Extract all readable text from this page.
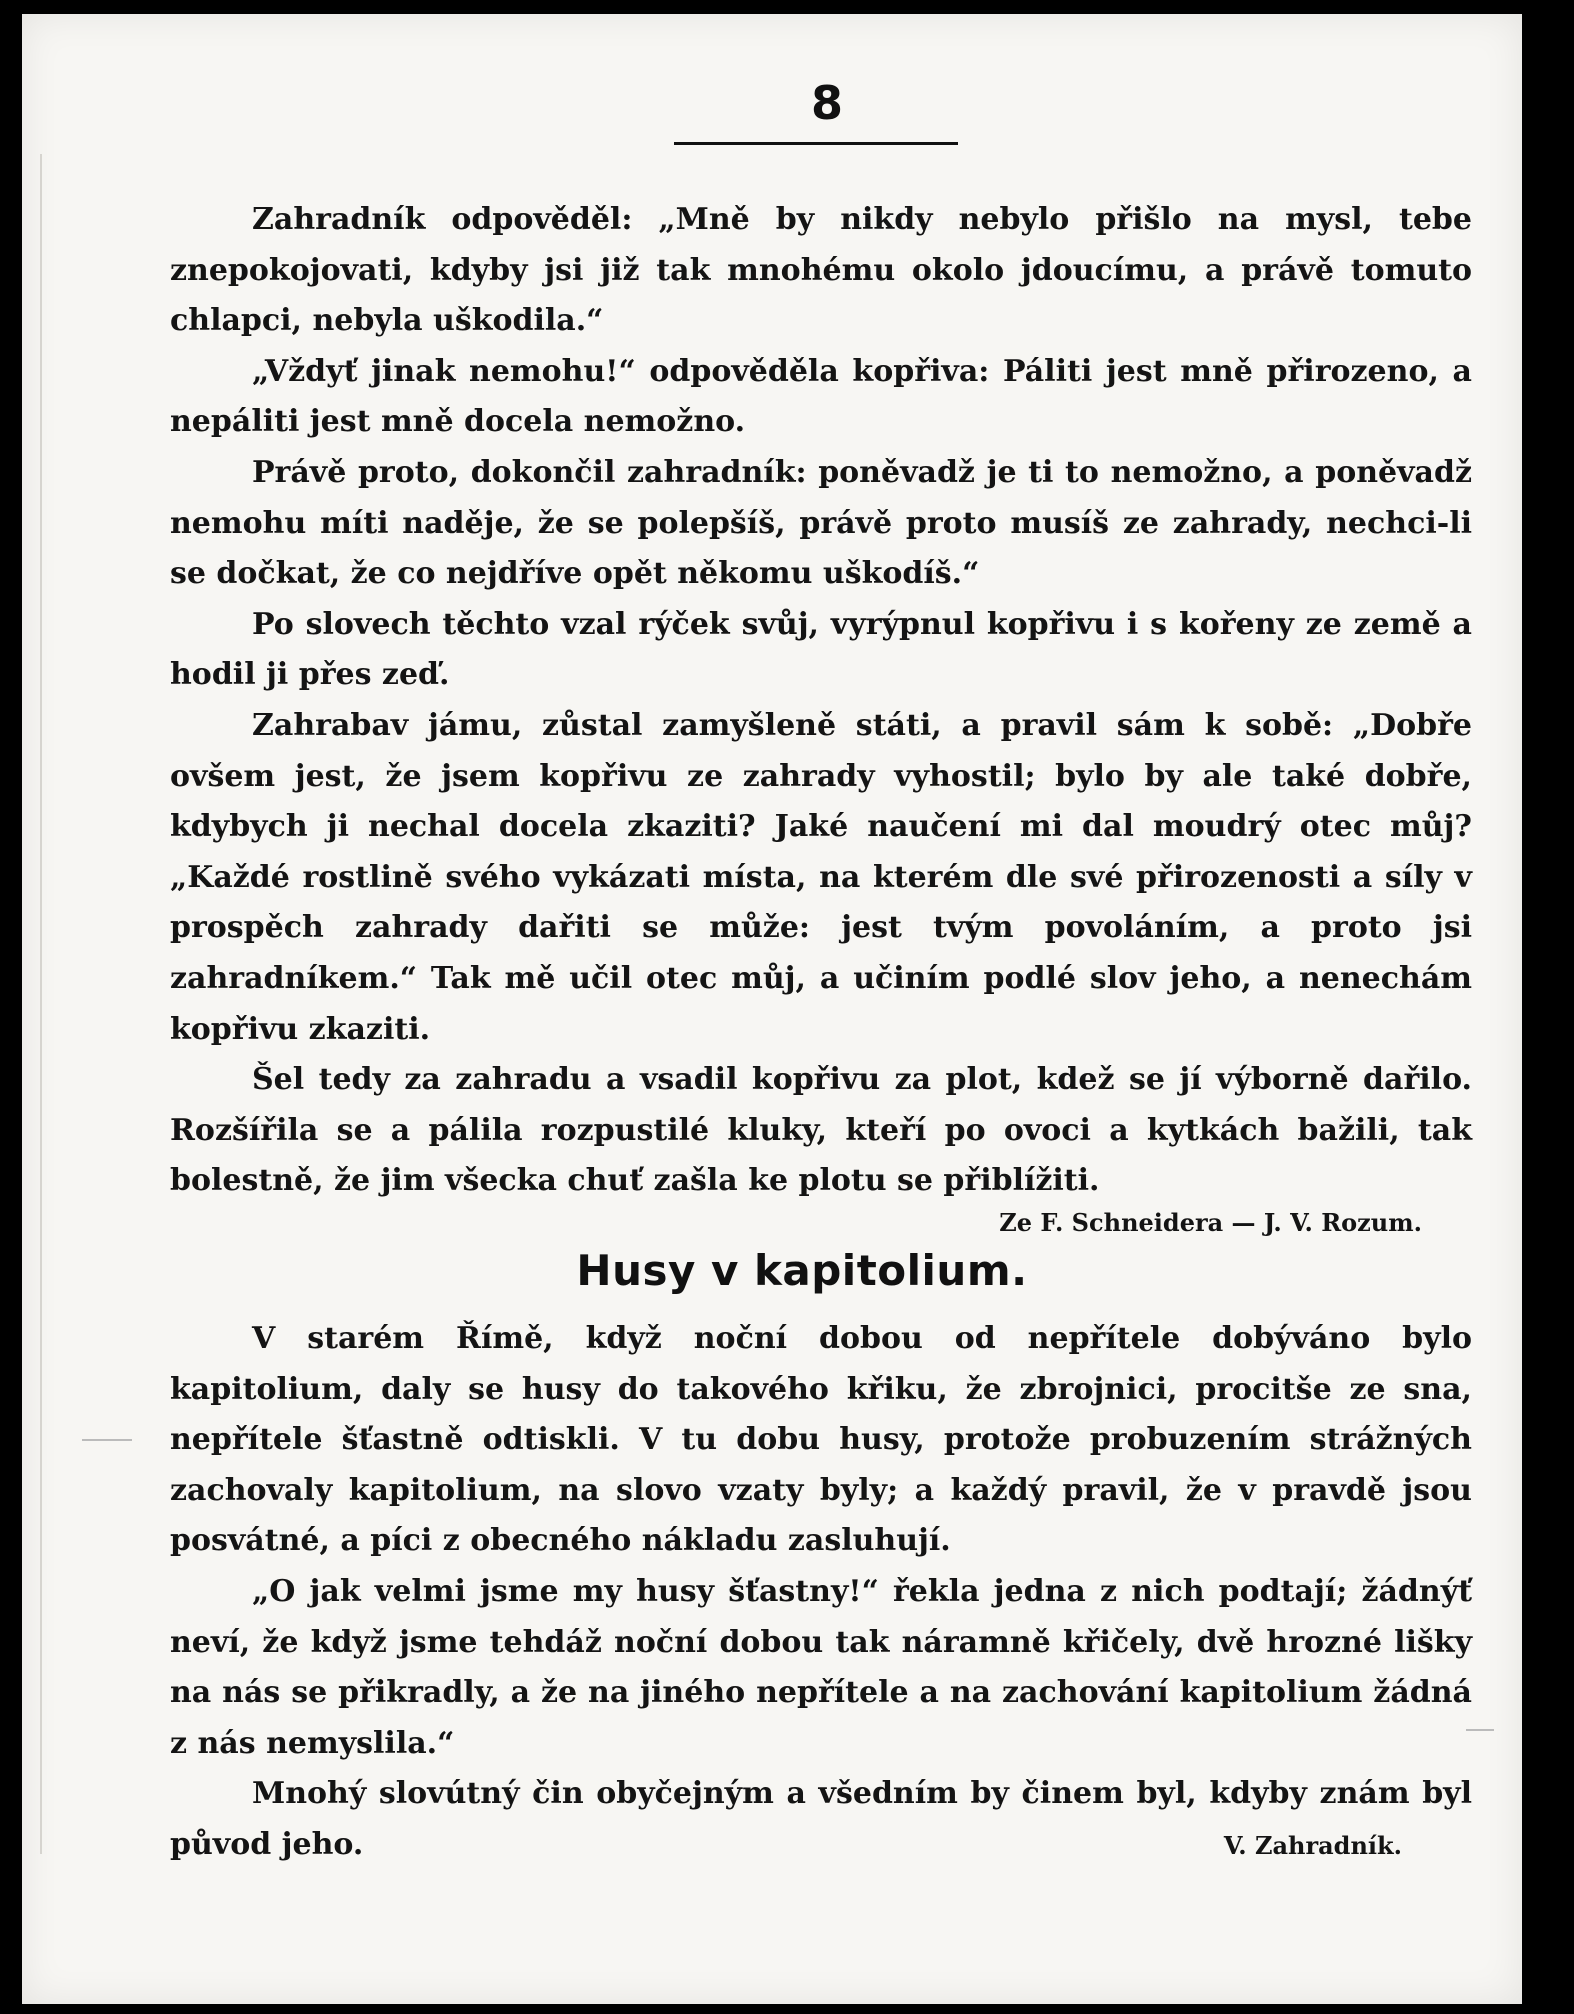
8

Zahradník odpověděl: „Mně by nikdy nebylo přišlo na mysl, tebe znepokojovati, kdyby jsi již tak mnohému okolo jdoucímu, a právě tomuto chlapci, nebyla uškodila.“

„Vždyť jinak nemohu!“ odpověděla kopřiva: Páliti jest mně přirozeno, a nepáliti jest mně docela nemožno.

Právě proto, dokončil zahradník: poněvadž je ti to nemožno, a poněvadž nemohu míti naděje, že se polepšíš, právě proto musíš ze zahrady, nechci-li se dočkat, že co nejdříve opět někomu uškodíš.“

Po slovech těchto vzal rýček svůj, vyrýpnul kopřivu i s kořeny ze země a hodil ji přes zeď.

Zahrabav jámu, zůstal zamyšleně státi, a pravil sám k sobě: „Dobře ovšem jest, že jsem kopřivu ze zahrady vyhostil; bylo by ale také dobře, kdybych ji nechal docela zkaziti? Jaké naučení mi dal moudrý otec můj? „Každé rostlině svého vykázati místa, na kterém dle své přirozenosti a síly v prospěch zahrady dařiti se může: jest tvým povoláním, a proto jsi zahradníkem.“ Tak mě učil otec můj, a učiním podlé slov jeho, a nenechám kopřivu zkaziti.

Šel tedy za zahradu a vsadil kopřivu za plot, kdež se jí výborně dařilo. Rozšířila se a pálila rozpustilé kluky, kteří po ovoci a kytkách bažili, tak bolestně, že jim všecka chuť zašla ke plotu se přiblížiti.

Ze F. Schneidera — J. V. Rozum.
Husy v kapitolium.

V starém Římě, když noční dobou od nepřítele dobýváno bylo kapitolium, daly se husy do takového křiku, že zbrojnici, procitše ze sna, nepřítele šťastně odtiskli. V tu dobu husy, protože probuzením strážných zachovaly kapitolium, na slovo vzaty byly; a každý pravil, že v pravdě jsou posvátné, a píci z obecného nákladu zasluhují.

„O jak velmi jsme my husy šťastny!“ řekla jedna z nich podtají; žádnýť neví, že když jsme tehdáž noční dobou tak náramně křičely, dvě hrozné lišky na nás se přikradly, a že na jiného nepřítele a na zachování kapitolium žádná z nás nemyslila.“

Mnohý slovútný čin obyčejným a všedním by činem byl, kdyby znám byl původ jeho.	V. Zahradník.
